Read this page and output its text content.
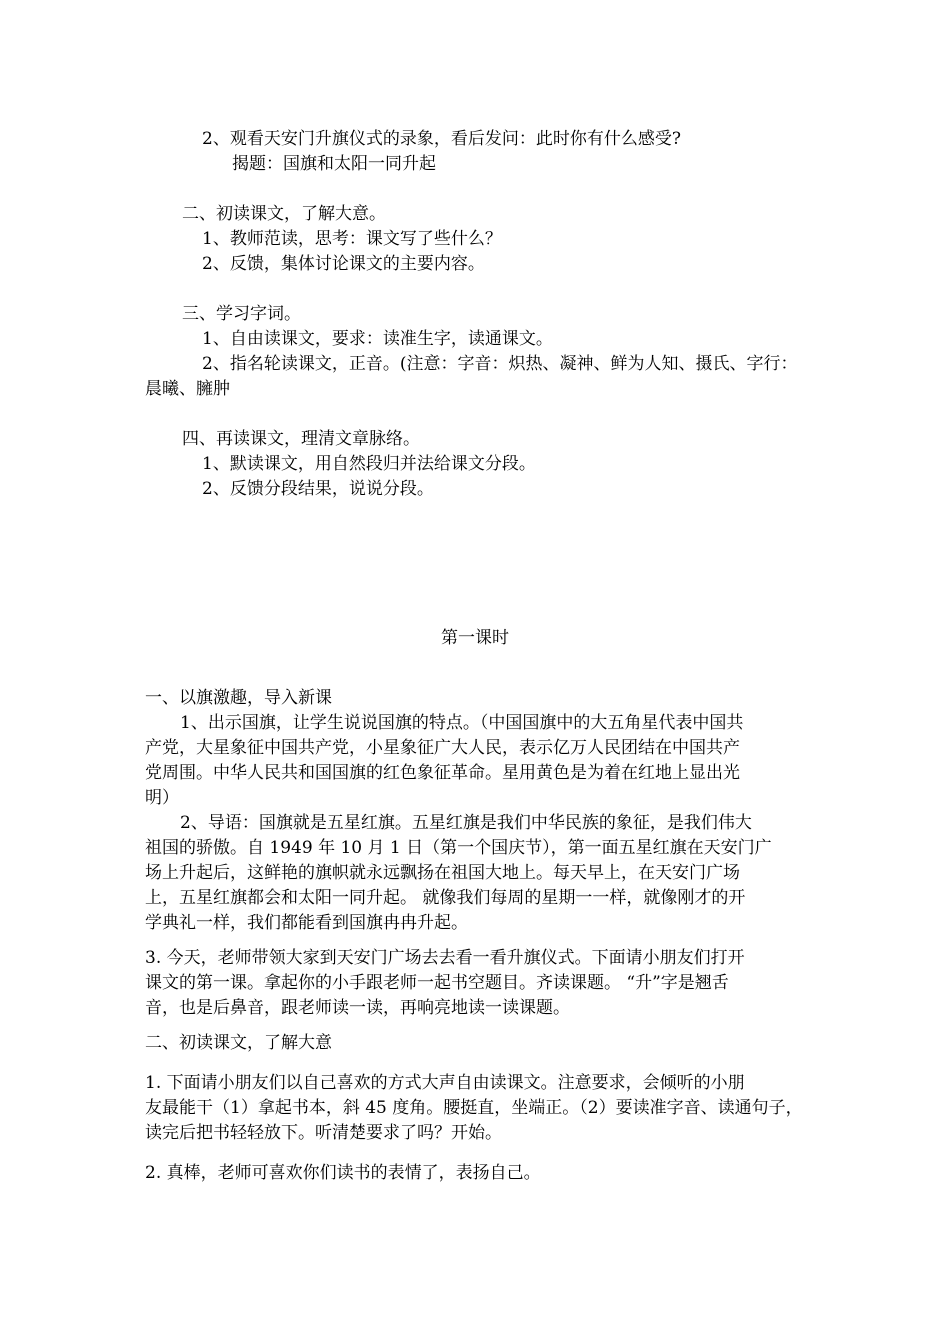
2、观看天安门升旗仪式的录象，看后发问：此时你有什么感受?
揭题：国旗和太阳一同升起
二、初读课文，了解大意。
1、教师范读，思考：课文写了些什么？
2、反馈，集体讨论课文的主要内容。
三、学习字词。
1、自由读课文，要求：读准生字，读通课文。
2、指名轮读课文，正音。(注意：字音：炽热、凝神、鲜为人知、摄氏、字行：
晨曦、臃肿
四、再读课文，理清文章脉络。
1、默读课文，用自然段归并法给课文分段。
2、反馈分段结果，说说分段。
第一课时
一、以旗激趣，导入新课
1、出示国旗，让学生说说国旗的特点。（中国国旗中的大五角星代表中国共
产党，大星象征中国共产党，小星象征广大人民，表示亿万人民团结在中国共产
党周围。中华人民共和国国旗的红色象征革命。星用黄色是为着在红地上显出光
明）
2、导语：国旗就是五星红旗。五星红旗是我们中华民族的象征，是我们伟大
祖国的骄傲。自 1949 年 10 月 1 日（第一个国庆节），第一面五星红旗在天安门广
场上升起后，这鲜艳的旗帜就永远飘扬在祖国大地上。每天早上，在天安门广场
上，五星红旗都会和太阳一同升起。 就像我们每周的星期一一样，就像刚才的开
学典礼一样，我们都能看到国旗冉冉升起。
3. 今天，老师带领大家到天安门广场去去看一看升旗仪式。下面请小朋友们打开
课文的第一课。拿起你的小手跟老师一起书空题目。齐读课题。 “升”字是翘舌
音，也是后鼻音，跟老师读一读，再响亮地读一读课题。
二、初读课文，了解大意
1. 下面请小朋友们以自己喜欢的方式大声自由读课文。注意要求，会倾听的小朋
友最能干（1）拿起书本，斜 45 度角。腰挺直，坐端正。（2）要读准字音、读通句子，
读完后把书轻轻放下。听清楚要求了吗？开始。
2. 真棒，老师可喜欢你们读书的表情了，表扬自己。
